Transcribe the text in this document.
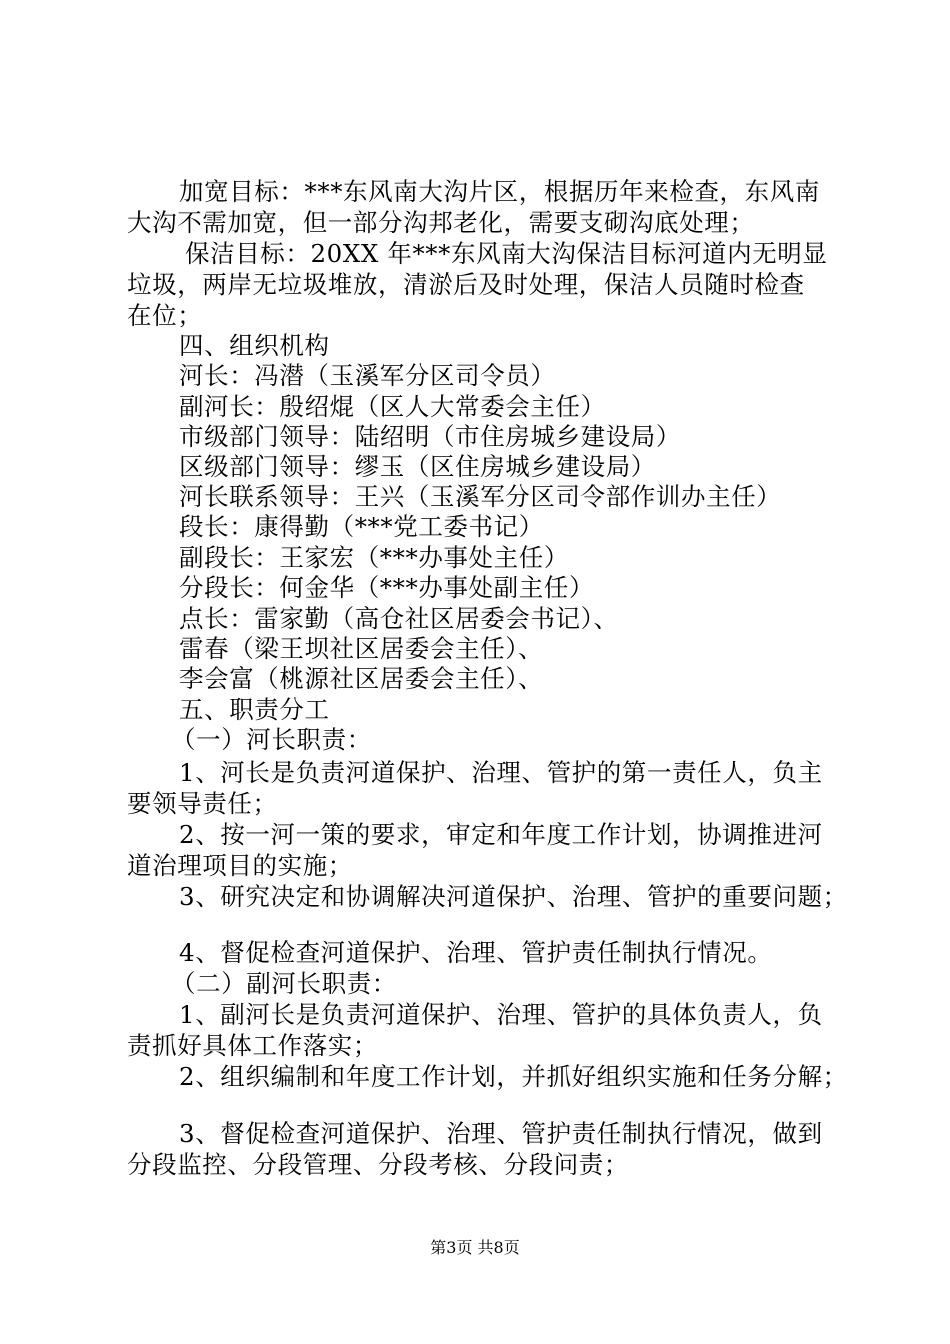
加宽目标：***东风南大沟片区，根据历年来检查，东风南
大沟不需加宽，但一部分沟邦老化，需要支砌沟底处理；
保洁目标：20XX 年***东风南大沟保洁目标河道内无明显
垃圾，两岸无垃圾堆放，清淤后及时处理，保洁人员随时检查
在位；
四、组织机构
河长：冯潜（玉溪军分区司令员）
副河长：殷绍焜（区人大常委会主任）
市级部门领导：陆绍明（市住房城乡建设局）
区级部门领导：缪玉（区住房城乡建设局）
河长联系领导：王兴（玉溪军分区司令部作训办主任）
段长：康得勤（***党工委书记）
副段长：王家宏（***办事处主任）
分段长：何金华（***办事处副主任）
点长：雷家勤（高仓社区居委会书记）、
雷春（梁王坝社区居委会主任）、
李会富（桃源社区居委会主任）、
五、职责分工
（一）河长职责：
1、河长是负责河道保护、治理、管护的第一责任人，负主
要领导责任；
2、按一河一策的要求，审定和年度工作计划，协调推进河
道治理项目的实施；
3、研究决定和协调解决河道保护、治理、管护的重要问题；
4、督促检查河道保护、治理、管护责任制执行情况。
（二）副河长职责：
1、副河长是负责河道保护、治理、管护的具体负责人，负
责抓好具体工作落实；
2、组织编制和年度工作计划，并抓好组织实施和任务分解；
3、督促检查河道保护、治理、管护责任制执行情况，做到
分段监控、分段管理、分段考核、分段问责；
第3页 共8页
